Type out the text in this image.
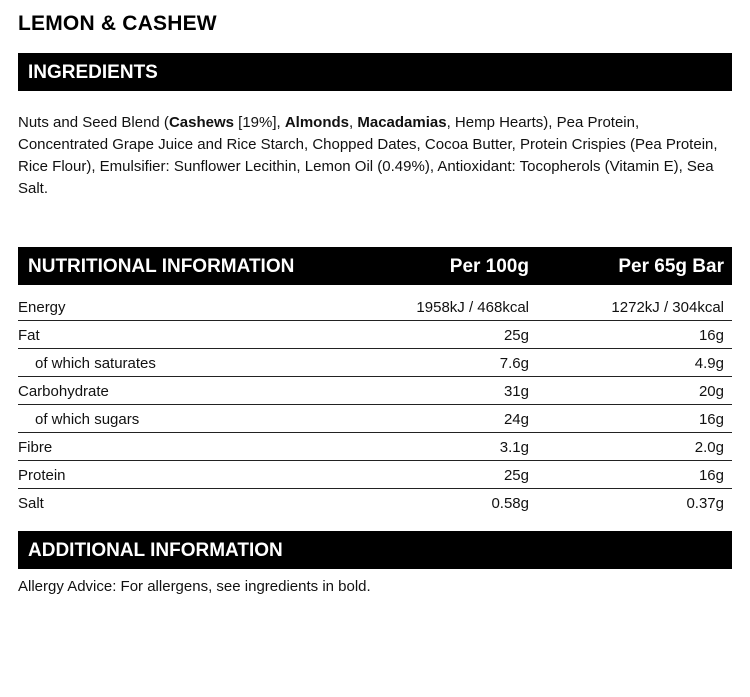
LEMON & CASHEW
INGREDIENTS
Nuts and Seed Blend (Cashews [19%], Almonds, Macadamias, Hemp Hearts), Pea Protein, Concentrated Grape Juice and Rice Starch, Chopped Dates, Cocoa Butter, Protein Crispies (Pea Protein, Rice Flour), Emulsifier: Sunflower Lecithin, Lemon Oil (0.49%), Antioxidant: Tocopherols (Vitamin E), Sea Salt.
NUTRITIONAL INFORMATION	Per 100g	Per 65g Bar
Energy	1958kJ / 468kcal	1272kJ / 304kcal
Fat	25g	16g
of which saturates	7.6g	4.9g
Carbohydrate	31g	20g
of which sugars	24g	16g
Fibre	3.1g	2.0g
Protein	25g	16g
Salt	0.58g	0.37g
ADDITIONAL INFORMATION
Allergy Advice: For allergens, see ingredients in bold.
